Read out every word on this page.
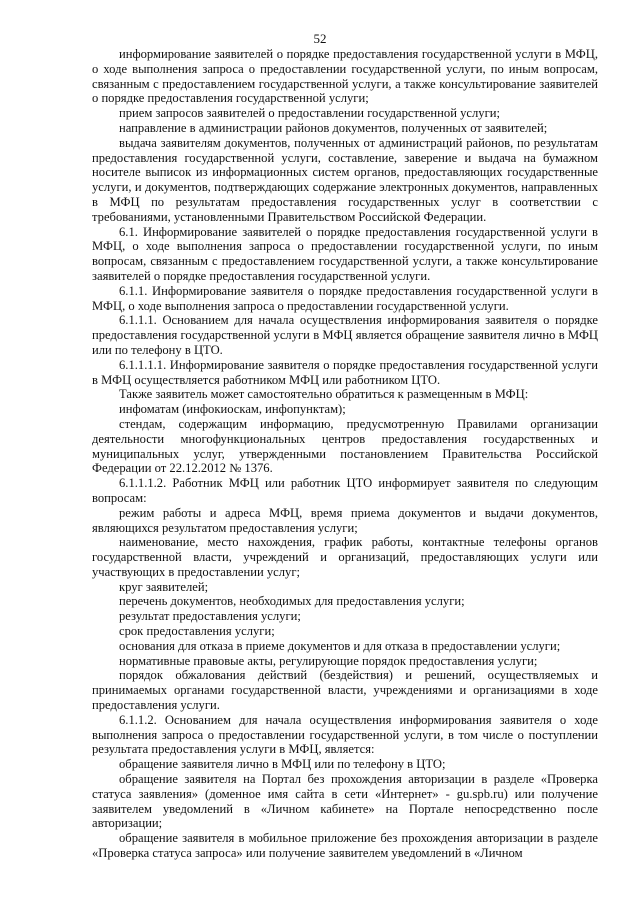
52

информирование заявителей о порядке предоставления государственной услуги в МФЦ, о ходе выполнения запроса о предоставлении государственной услуги, по иным вопросам, связанным с предоставлением государственной услуги, а также консультирование заявителей о порядке предоставления государственной услуги;

прием запросов заявителей о предоставлении государственной услуги;

направление в администрации районов документов, полученных от заявителей;

выдача заявителям документов, полученных от администраций районов, по результатам предоставления государственной услуги, составление, заверение и выдача на бумажном носителе выписок из информационных систем органов, предоставляющих государственные услуги, и документов, подтверждающих содержание электронных документов, направленных в МФЦ по результатам предоставления государственных услуг в соответствии с требованиями, установленными Правительством Российской Федерации.

6.1. Информирование заявителей о порядке предоставления государственной услуги в МФЦ, о ходе выполнения запроса о предоставлении государственной услуги, по иным вопросам, связанным с предоставлением государственной услуги, а также консультирование заявителей о порядке предоставления государственной услуги.

6.1.1. Информирование заявителя о порядке предоставления государственной услуги в МФЦ, о ходе выполнения запроса о предоставлении государственной услуги.

6.1.1.1. Основанием для начала осуществления информирования заявителя о порядке предоставления государственной услуги в МФЦ является обращение заявителя лично в МФЦ или по телефону в ЦТО.

6.1.1.1.1. Информирование заявителя о порядке предоставления государственной услуги в МФЦ осуществляется работником МФЦ или работником ЦТО.

Также заявитель может самостоятельно обратиться к размещенным в МФЦ:

инфоматам (инфокиоскам, инфопунктам);

стендам, содержащим информацию, предусмотренную Правилами организации деятельности многофункциональных центров предоставления государственных и муниципальных услуг, утвержденными постановлением Правительства Российской Федерации от 22.12.2012 № 1376.

6.1.1.1.2. Работник МФЦ или работник ЦТО информирует заявителя по следующим вопросам:

режим работы и адреса МФЦ, время приема документов и выдачи документов, являющихся результатом предоставления услуги;

наименование, место нахождения, график работы, контактные телефоны органов государственной власти, учреждений и организаций, предоставляющих услуги или участвующих в предоставлении услуг;

круг заявителей;

перечень документов, необходимых для предоставления услуги;

результат предоставления услуги;

срок предоставления услуги;

основания для отказа в приеме документов и для отказа в предоставлении услуги;

нормативные правовые акты, регулирующие порядок предоставления услуги;

порядок обжалования действий (бездействия) и решений, осуществляемых и принимаемых органами государственной власти, учреждениями и организациями в ходе предоставления услуги.

6.1.1.2. Основанием для начала осуществления информирования заявителя о ходе выполнения запроса о предоставлении государственной услуги, в том числе о поступлении результата предоставления услуги в МФЦ, является:

обращение заявителя лично в МФЦ или по телефону в ЦТО;

обращение заявителя на Портал без прохождения авторизации в разделе «Проверка статуса заявления» (доменное имя сайта в сети «Интернет» - gu.spb.ru) или получение заявителем уведомлений в «Личном кабинете» на Портале непосредственно после авторизации;

обращение заявителя в мобильное приложение без прохождения авторизации в разделе «Проверка статуса запроса» или получение заявителем уведомлений в «Личном
